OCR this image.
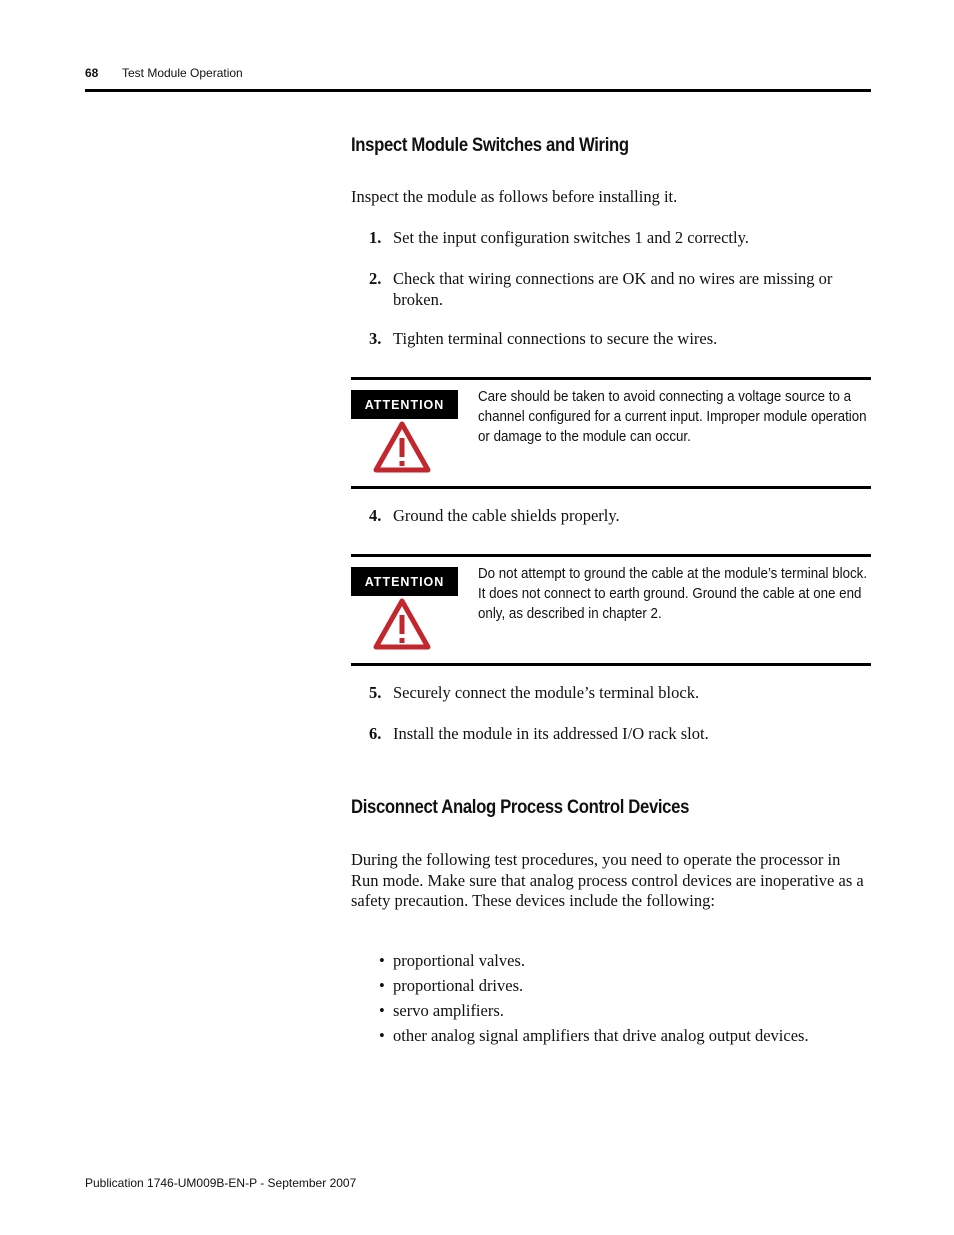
68 Test Module Operation
Inspect Module Switches and Wiring
Inspect the module as follows before installing it.
1. Set the input configuration switches 1 and 2 correctly.
2. Check that wiring connections are OK and no wires are missing or broken.
3. Tighten terminal connections to secure the wires.
ATTENTION	Care should be taken to avoid connecting a voltage source to a channel configured for a current input. Improper module operation or damage to the module can occur.
4. Ground the cable shields properly.
ATTENTION	Do not attempt to ground the cable at the module’s terminal block. It does not connect to earth ground. Ground the cable at one end only, as described in chapter 2.
5. Securely connect the module’s terminal block.
6. Install the module in its addressed I/O rack slot.
Disconnect Analog Process Control Devices
During the following test procedures, you need to operate the processor in Run mode. Make sure that analog process control devices are inoperative as a safety precaution. These devices include the following:
• proportional valves.
• proportional drives.
• servo amplifiers.
• other analog signal amplifiers that drive analog output devices.
Publication 1746-UM009B-EN-P - September 2007
